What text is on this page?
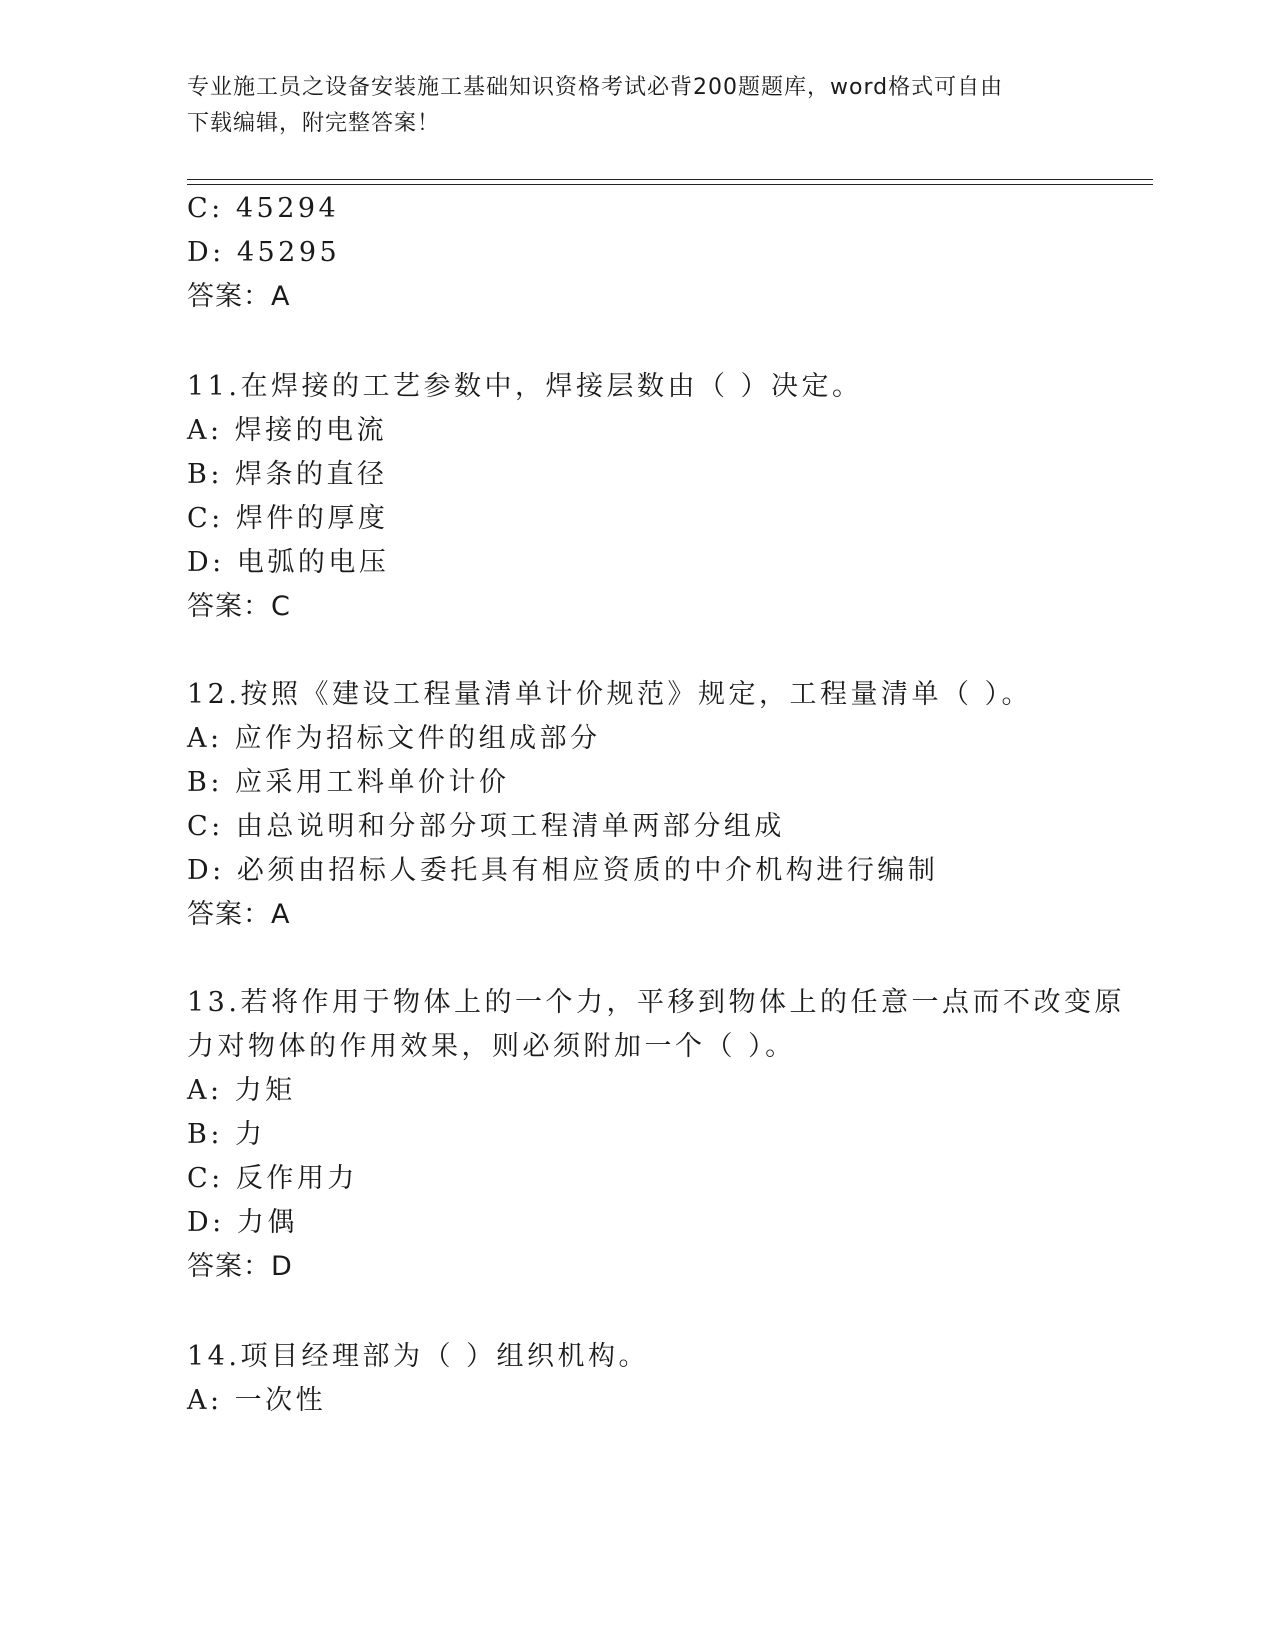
专业施工员之设备安装施工基础知识资格考试必背200题题库，word格式可自由
下载编辑，附完整答案！
C: 45294
D: 45295
答案：A
11.在焊接的工艺参数中，焊接层数由（ ）决定。
A: 焊接的电流
B: 焊条的直径
C: 焊件的厚度
D: 电弧的电压
答案：C
12.按照《建设工程量清单计价规范》规定，工程量清单（ ）。
A: 应作为招标文件的组成部分
B: 应采用工料单价计价
C: 由总说明和分部分项工程清单两部分组成
D: 必须由招标人委托具有相应资质的中介机构进行编制
答案：A
13.若将作用于物体上的一个力，平移到物体上的任意一点而不改变原
力对物体的作用效果，则必须附加一个（ ）。
A: 力矩
B: 力
C: 反作用力
D: 力偶
答案：D
14.项目经理部为（ ）组织机构。
A: 一次性
